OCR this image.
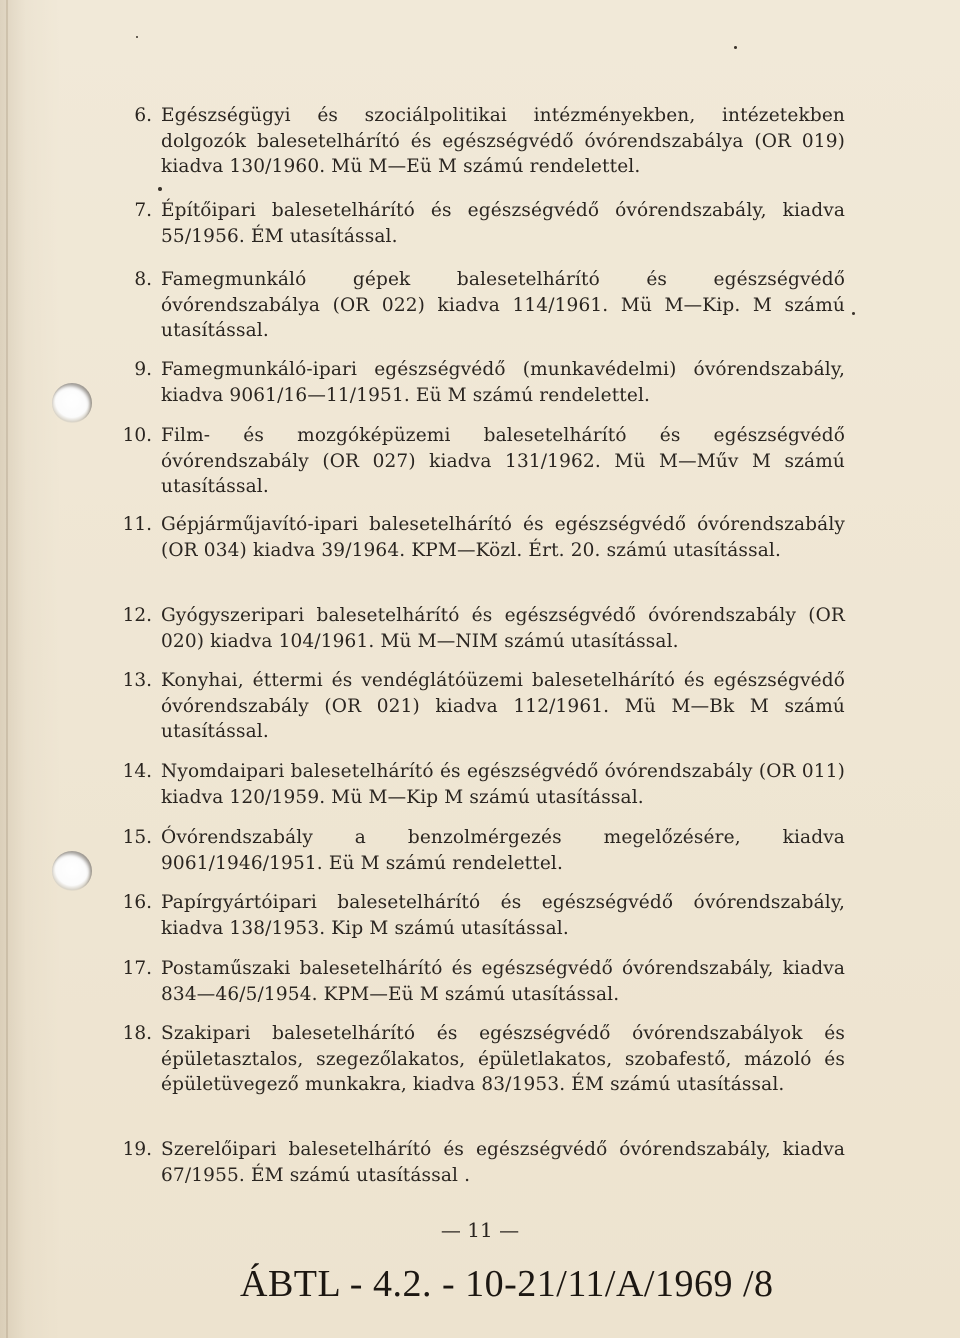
6. Egészségügyi és szociálpolitikai intézményekben, intézetekben dolgozók balesetelhárító és egészségvédő óvórendszabálya (OR 019) kiadva 130/1960. Mü M—Eü M számú rendelettel.
7. Építőipari balesetelhárító és egészségvédő óvórendszabály, kiadva 55/1956. ÉM utasítással.
8. Famegmunkáló gépek balesetelhárító és egészségvédő óvórendszabálya (OR 022) kiadva 114/1961. Mü M—Kip. M számú utasítással.
9. Famegmunkáló-ipari egészségvédő (munkavédelmi) óvórendszabály, kiadva 9061/16—11/1951. Eü M számú rendelettel.
10. Film- és mozgóképüzemi balesetelhárító és egészségvédő óvórendszabály (OR 027) kiadva 131/1962. Mü M—Műv M számú utasítással.
11. Gépjárműjavító-ipari balesetelhárító és egészségvédő óvórendszabály (OR 034) kiadva 39/1964. KPM—Közl. Ért. 20. számú utasítással.
12. Gyógyszeripari balesetelhárító és egészségvédő óvórendszabály (OR 020) kiadva 104/1961. Mü M—NIM számú utasítással.
13. Konyhai, éttermi és vendéglátóüzemi balesetelhárító és egészségvédő óvórendszabály (OR 021) kiadva 112/1961. Mü M—Bk M számú utasítással.
14. Nyomdaipari balesetelhárító és egészségvédő óvórendszabály (OR 011) kiadva 120/1959. Mü M—Kip M számú utasítással.
15. Óvórendszabály a benzolmérgezés megelőzésére, kiadva 9061/1946/1951. Eü M számú rendelettel.
16. Papírgyártóipari balesetelhárító és egészségvédő óvórendszabály, kiadva 138/1953. Kip M számú utasítással.
17. Postaműszaki balesetelhárító és egészségvédő óvórendszabály, kiadva 834—46/5/1954. KPM—Eü M számú utasítással.
18. Szakipari balesetelhárító és egészségvédő óvórendszabályok és épületasztalos, szegezőlakatos, épületlakatos, szobafestő, mázoló és épületüvegező munkakra, kiadva 83/1953. ÉM számú utasítással.
19. Szerelőipari balesetelhárító és egészségvédő óvórendszabály, kiadva 67/1955. ÉM számú utasítással .
— 11 —
ÁBTL - 4.2. - 10-21/11/A/1969 /8
